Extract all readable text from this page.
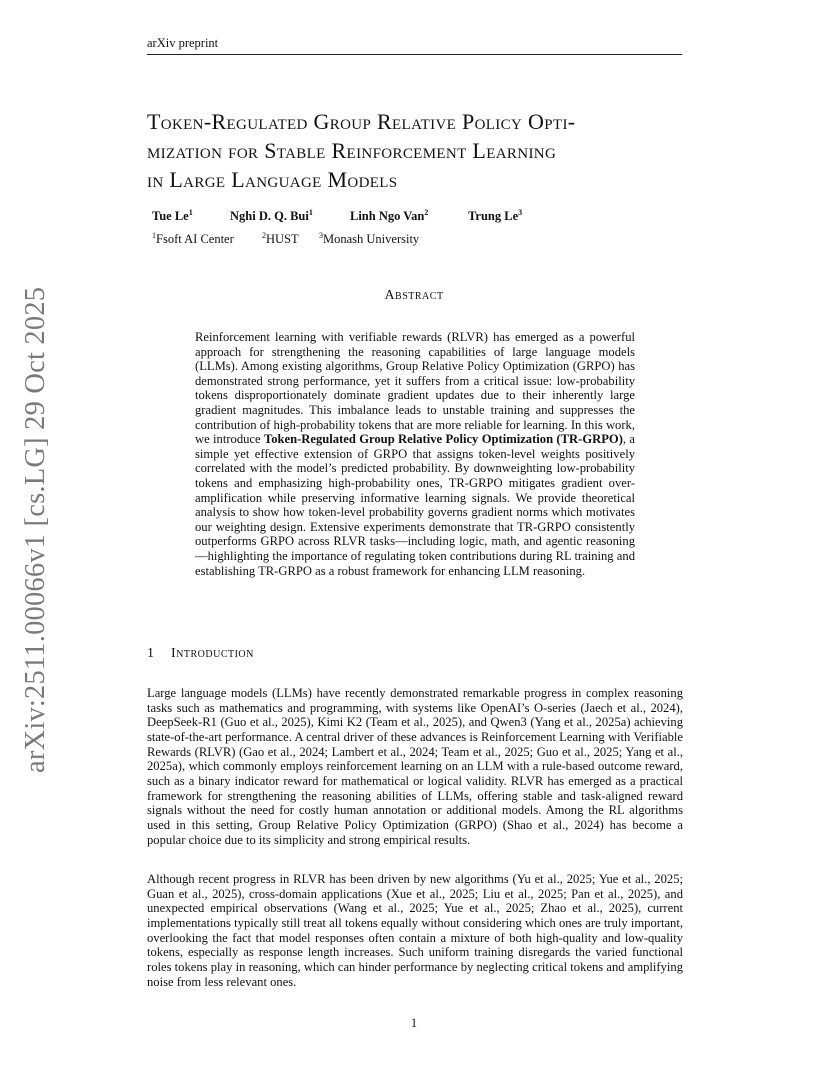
arXiv preprint
arXiv:2511.00066v1 [cs.LG] 29 Oct 2025
Token-Regulated Group Relative Policy Opti-
mization for Stable Reinforcement Learning
in Large Language Models
Tue Le$^1$	Nghi D. Q. Bui$^1$	Linh Ngo Van$^2$	Trung Le$^3$
$^1$Fsoft AI Center	$^2$HUST	$^3$Monash University
Abstract
Reinforcement learning with verifiable rewards (RLVR) has emerged as a powerful approach for strengthening the reasoning capabilities of large language models (LLMs). Among existing algorithms, Group Relative Policy Optimization (GRPO) has demonstrated strong performance, yet it suffers from a critical issue: low-probability tokens disproportionately dominate gradient updates due to their inherently large gradient magnitudes. This imbalance leads to unstable training and suppresses the contribution of high-probability tokens that are more reliable for learning. In this work, we introduce Token-Regulated Group Relative Policy Optimization (TR-GRPO), a simple yet effective extension of GRPO that assigns token-level weights positively correlated with the model’s predicted probability. By downweighting low-probability tokens and emphasizing high-probability ones, TR-GRPO mitigates gradient over-amplification while preserving informative learning signals. We provide theoretical analysis to show how token-level probability governs gradient norms which motivates our weighting design. Extensive experiments demonstrate that TR-GRPO consistently outperforms GRPO across RLVR tasks—including logic, math, and agentic reasoning—highlighting the importance of regulating token contributions during RL training and establishing TR-GRPO as a robust framework for enhancing LLM reasoning.
1 Introduction

Large language models (LLMs) have recently demonstrated remarkable progress in complex reasoning tasks such as mathematics and programming, with systems like OpenAI’s O-series (Jaech et al., 2024), DeepSeek-R1 (Guo et al., 2025), Kimi K2 (Team et al., 2025), and Qwen3 (Yang et al., 2025a) achieving state-of-the-art performance. A central driver of these advances is Reinforcement Learning with Verifiable Rewards (RLVR) (Gao et al., 2024; Lambert et al., 2024; Team et al., 2025; Guo et al., 2025; Yang et al., 2025a), which commonly employs reinforcement learning on an LLM with a rule-based outcome reward, such as a binary indicator reward for mathematical or logical validity. RLVR has emerged as a practical framework for strengthening the reasoning abilities of LLMs, offering stable and task-aligned reward signals without the need for costly human annotation or additional models. Among the RL algorithms used in this setting, Group Relative Policy Optimization (GRPO) (Shao et al., 2024) has become a popular choice due to its simplicity and strong empirical results.

Although recent progress in RLVR has been driven by new algorithms (Yu et al., 2025; Yue et al., 2025; Guan et al., 2025), cross-domain applications (Xue et al., 2025; Liu et al., 2025; Pan et al., 2025), and unexpected empirical observations (Wang et al., 2025; Yue et al., 2025; Zhao et al., 2025), current implementations typically still treat all tokens equally without considering which ones are truly important, overlooking the fact that model responses often contain a mixture of both high-quality and low-quality tokens, especially as response length increases. Such uniform training disregards the varied functional roles tokens play in reasoning, which can hinder performance by neglecting critical tokens and amplifying noise from less relevant ones.

1
